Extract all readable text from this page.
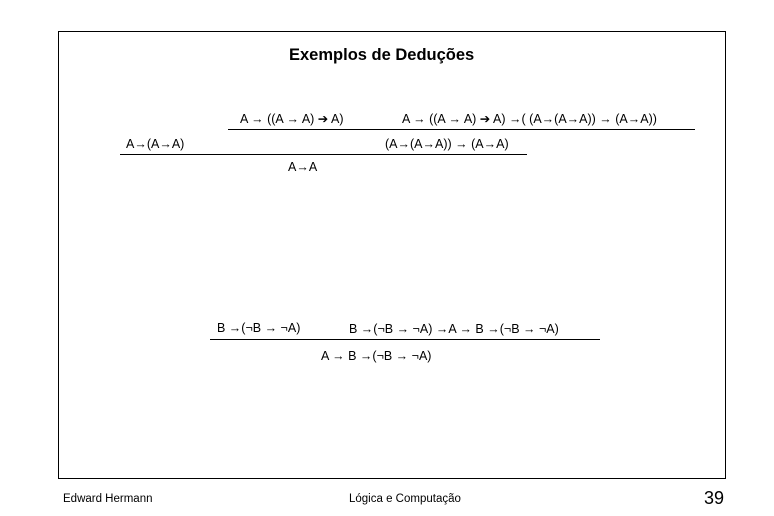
Exemplos de Deduções
A → ((A → A) ➔ A)	A → ((A → A) ➔ A) →( (A→(A→A)) → (A→A))
A→(A→A)	(A→(A→A)) → (A→A)
A→A
B →(¬B → ¬A)	B →(¬B → ¬A) →A → B →(¬B → ¬A)
A → B →(¬B → ¬A)
Edward Hermann	Lógica e Computação	39
